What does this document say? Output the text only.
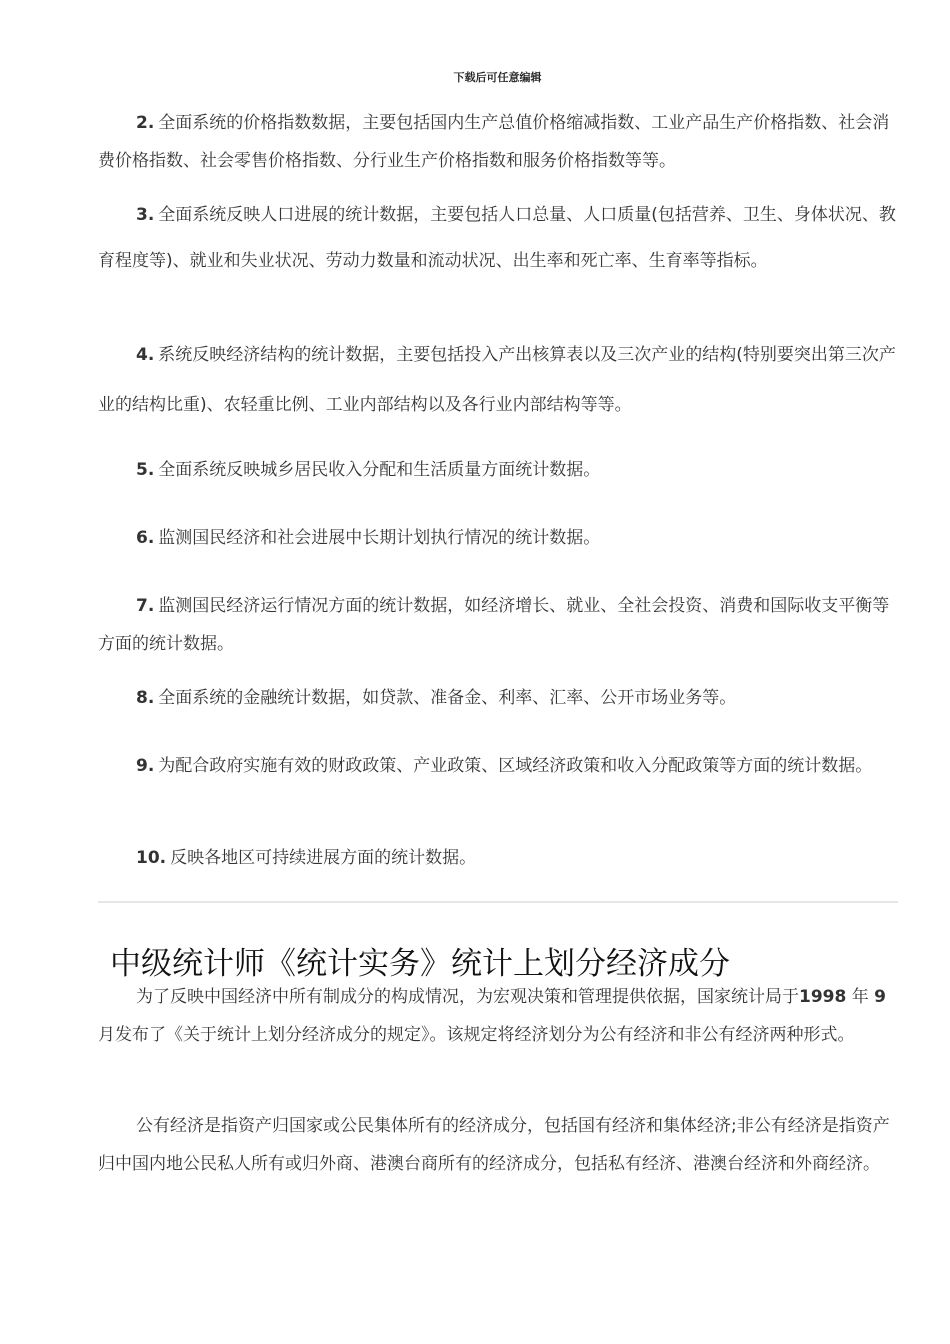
下载后可任意编辑
2. 全面系统的价格指数数据，主要包括国内生产总值价格缩减指数、工业产品生产价格指数、社会消费价格指数、社会零售价格指数、分行业生产价格指数和服务价格指数等等。
3. 全面系统反映人口进展的统计数据，主要包括人口总量、人口质量(包括营养、卫生、身体状况、教育程度等)、就业和失业状况、劳动力数量和流动状况、出生率和死亡率、生育率等指标。
4. 系统反映经济结构的统计数据，主要包括投入产出核算表以及三次产业的结构(特别要突出第三次产业的结构比重)、农轻重比例、工业内部结构以及各行业内部结构等等。
5. 全面系统反映城乡居民收入分配和生活质量方面统计数据。
6. 监测国民经济和社会进展中长期计划执行情况的统计数据。
7. 监测国民经济运行情况方面的统计数据，如经济增长、就业、全社会投资、消费和国际收支平衡等方面的统计数据。
8. 全面系统的金融统计数据，如贷款、准备金、利率、汇率、公开市场业务等。
9. 为配合政府实施有效的财政政策、产业政策、区域经济政策和收入分配政策等方面的统计数据。
10. 反映各地区可持续进展方面的统计数据。
中级统计师《统计实务》统计上划分经济成分
为了反映中国经济中所有制成分的构成情况，为宏观决策和管理提供依据，国家统计局于1998 年 9 月发布了《关于统计上划分经济成分的规定》。该规定将经济划分为公有经济和非公有经济两种形式。
公有经济是指资产归国家或公民集体所有的经济成分，包括国有经济和集体经济;非公有经济是指资产归中国内地公民私人所有或归外商、港澳台商所有的经济成分，包括私有经济、港澳台经济和外商经济。
